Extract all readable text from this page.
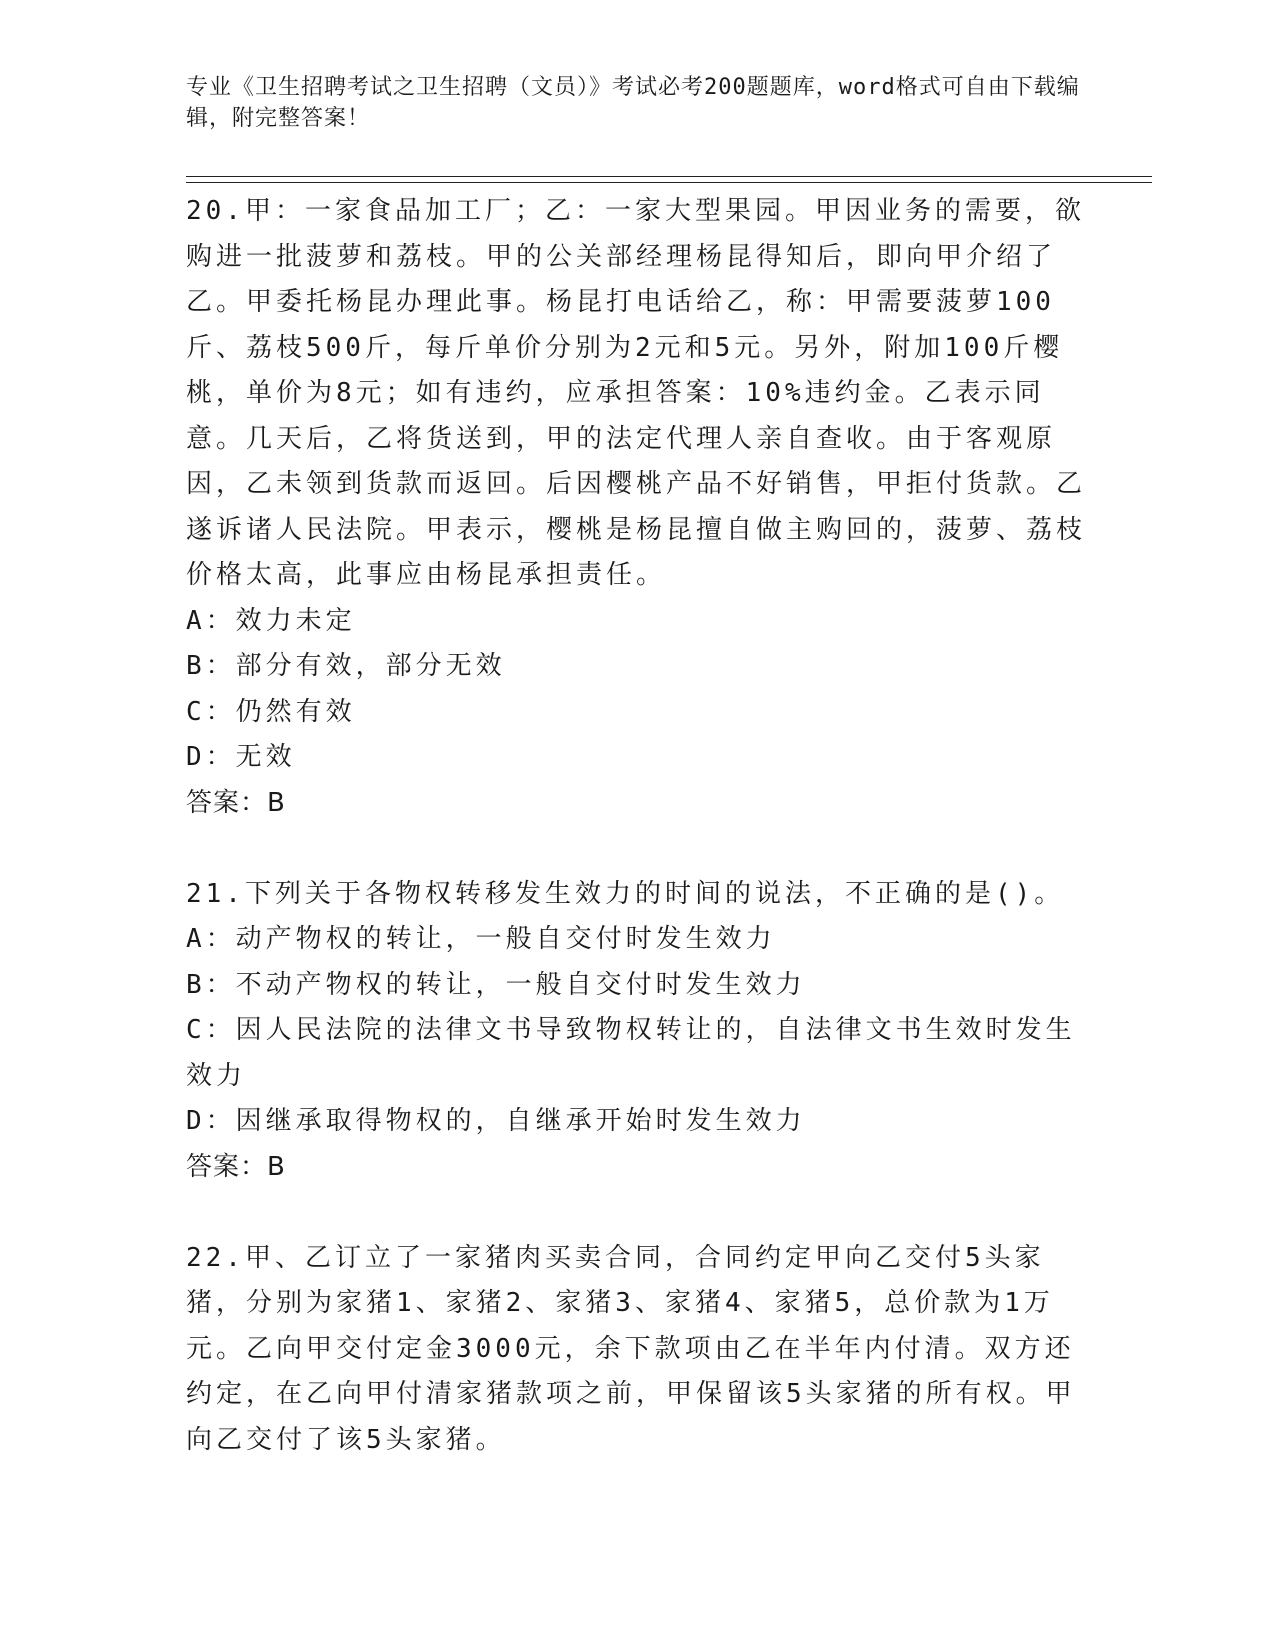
专业《卫生招聘考试之卫生招聘（文员）》考试必考200题题库，word格式可自由下载编辑，附完整答案！
20.甲：一家食品加工厂；乙：一家大型果园。甲因业务的需要，欲购进一批菠萝和荔枝。甲的公关部经理杨昆得知后，即向甲介绍了乙。甲委托杨昆办理此事。杨昆打电话给乙，称：甲需要菠萝100斤、荔枝500斤，每斤单价分别为2元和5元。另外，附加100斤樱桃，单价为8元；如有违约，应承担答案：10%违约金。乙表示同意。几天后，乙将货送到，甲的法定代理人亲自查收。由于客观原因，乙未领到货款而返回。后因樱桃产品不好销售，甲拒付货款。乙遂诉诸人民法院。甲表示，樱桃是杨昆擅自做主购回的，菠萝、荔枝价格太高，此事应由杨昆承担责任。
A：效力未定
B：部分有效，部分无效
C：仍然有效
D：无效
答案：B
21.下列关于各物权转移发生效力的时间的说法，不正确的是()。
A：动产物权的转让，一般自交付时发生效力
B：不动产物权的转让，一般自交付时发生效力
C：因人民法院的法律文书导致物权转让的，自法律文书生效时发生效力
D：因继承取得物权的，自继承开始时发生效力
答案：B
22.甲、乙订立了一家猪肉买卖合同，合同约定甲向乙交付5头家猪，分别为家猪1、家猪2、家猪3、家猪4、家猪5，总价款为1万元。乙向甲交付定金3000元，余下款项由乙在半年内付清。双方还约定，在乙向甲付清家猪款项之前，甲保留该5头家猪的所有权。甲向乙交付了该5头家猪。
